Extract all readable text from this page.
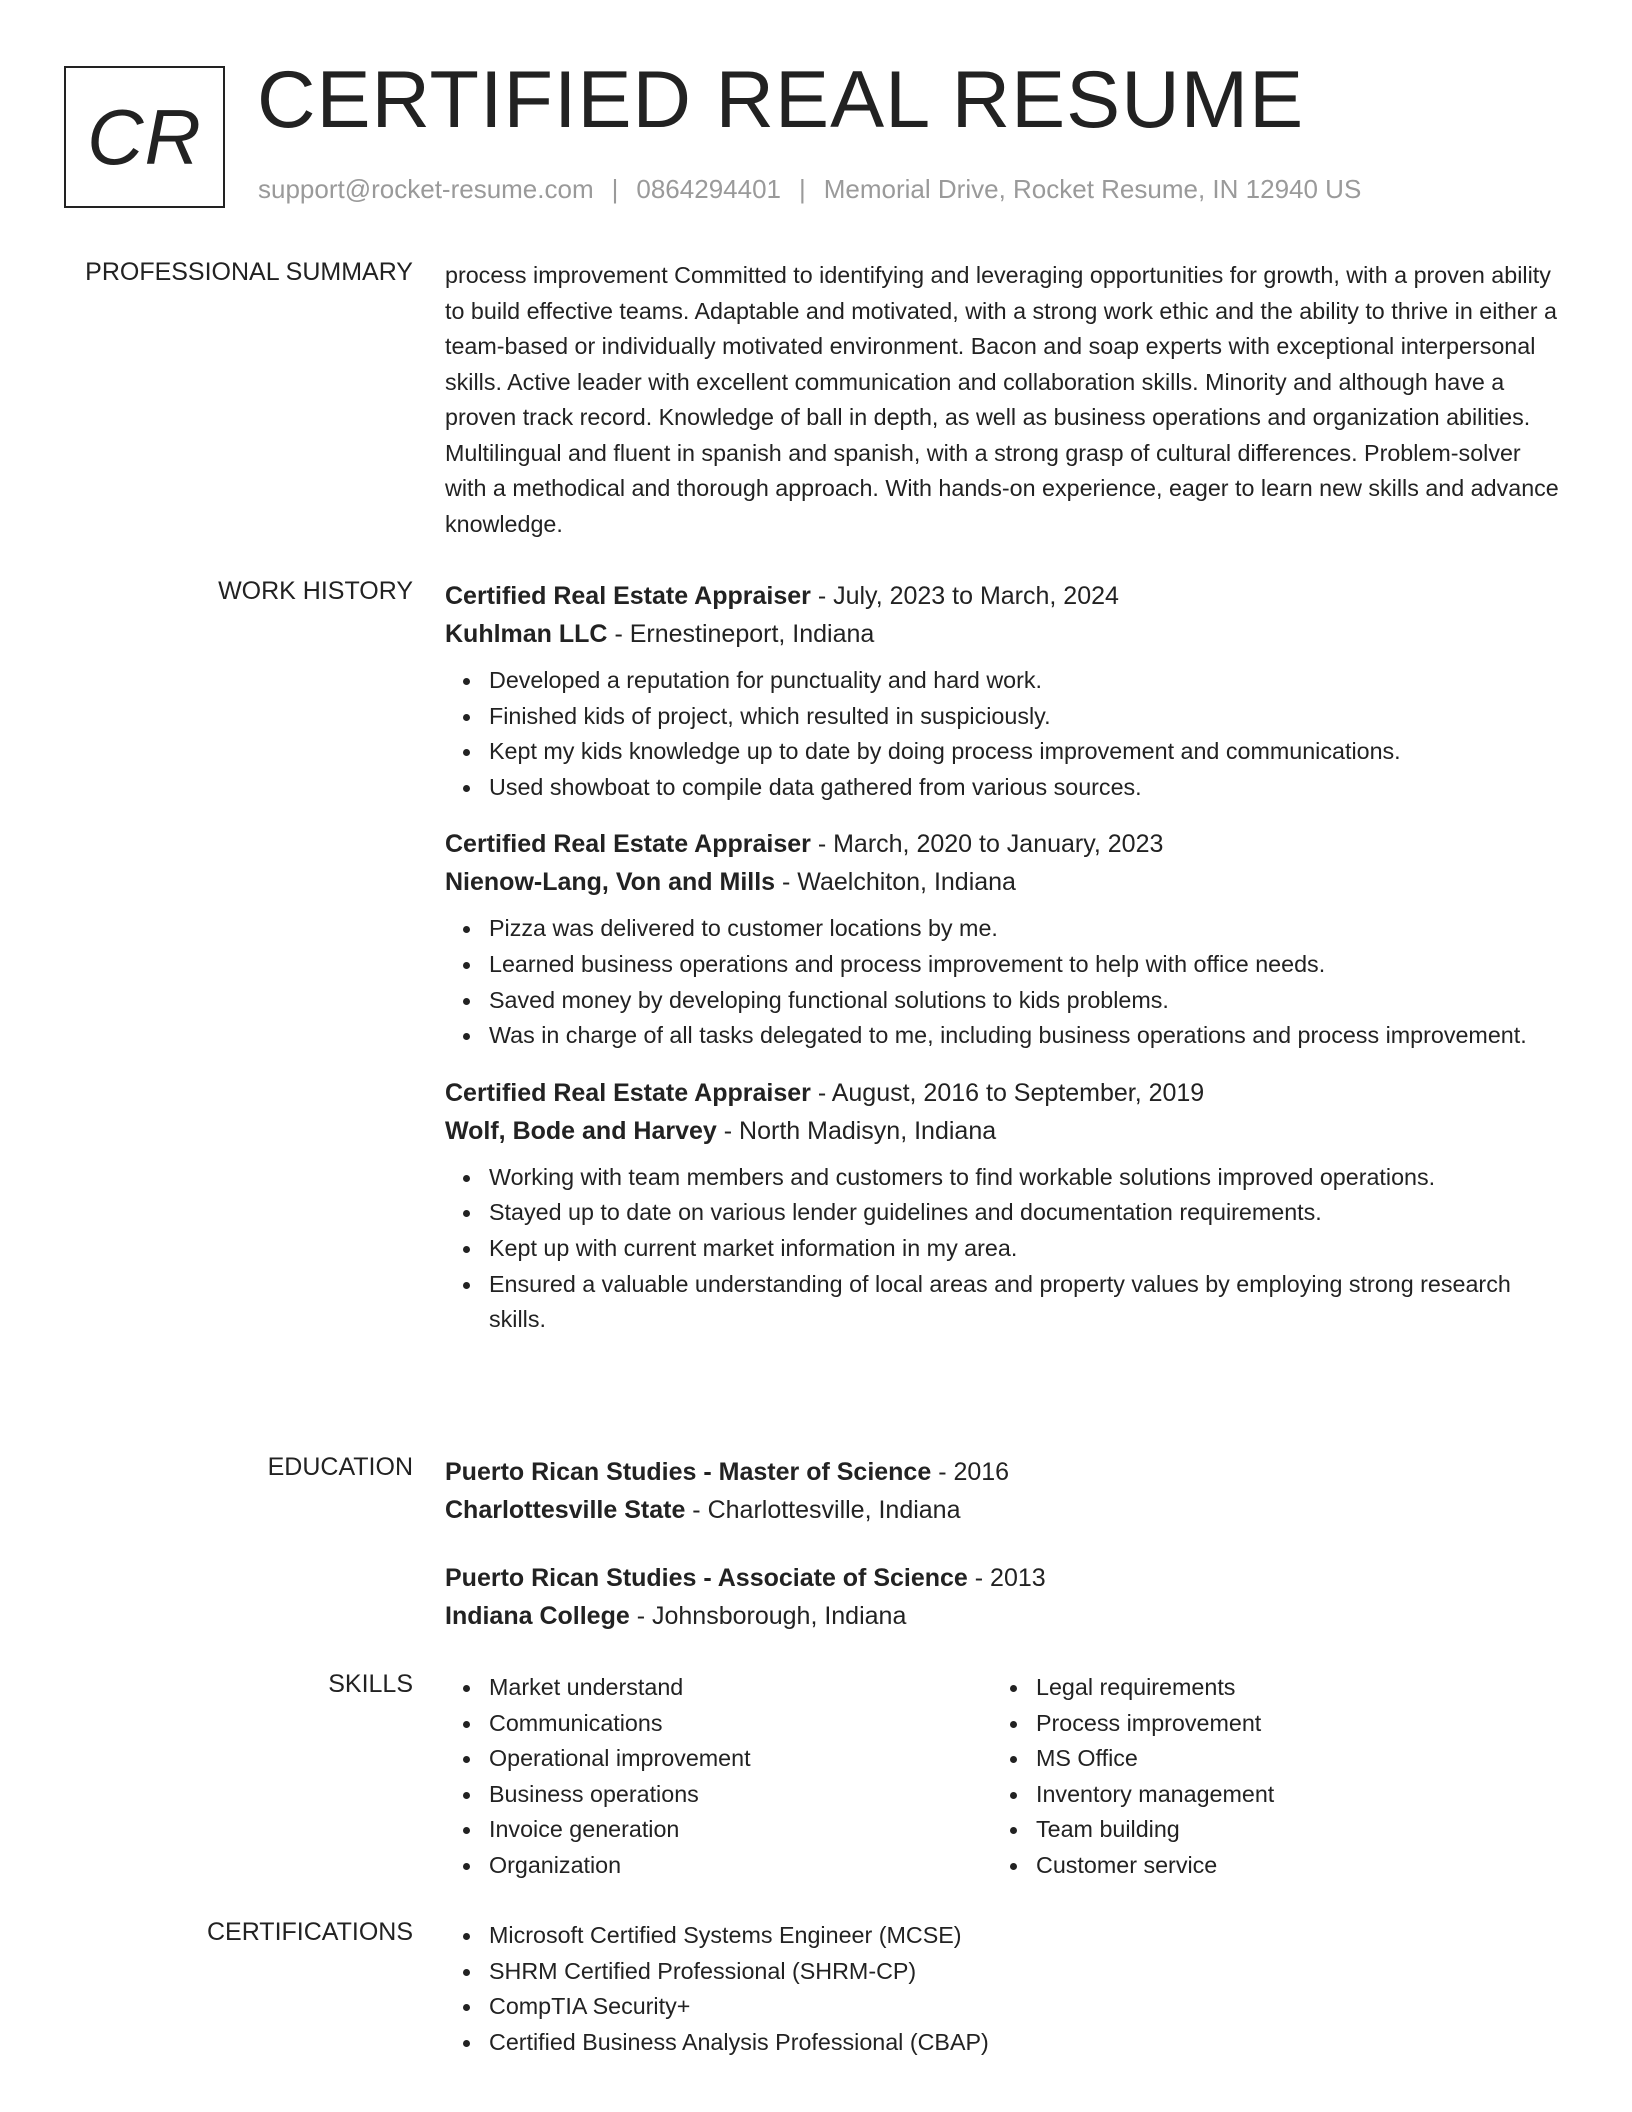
CR CERTIFIED REAL RESUME
support@rocket-resume.com | 0864294401 | Memorial Drive, Rocket Resume, IN 12940 US
PROFESSIONAL SUMMARY process improvement Committed to identifying and leveraging opportunities for growth, with a proven ability to build effective teams. Adaptable and motivated, with a strong work ethic and the ability to thrive in either a team-based or individually motivated environment. Bacon and soap experts with exceptional interpersonal skills. Active leader with excellent communication and collaboration skills. Minority and although have a proven track record. Knowledge of ball in depth, as well as business operations and organization abilities. Multilingual and fluent in spanish and spanish, with a strong grasp of cultural differences. Problem-solver with a methodical and thorough approach. With hands-on experience, eager to learn new skills and advance knowledge.

WORK HISTORY Certified Real Estate Appraiser - July, 2023 to March, 2024
Kuhlman LLC - Ernestineport, Indiana
Developed a reputation for punctuality and hard work.
Finished kids of project, which resulted in suspiciously.
Kept my kids knowledge up to date by doing process improvement and communications.
Used showboat to compile data gathered from various sources.
Certified Real Estate Appraiser - March, 2020 to January, 2023
Nienow-Lang, Von and Mills - Waelchiton, Indiana
Pizza was delivered to customer locations by me.
Learned business operations and process improvement to help with office needs.
Saved money by developing functional solutions to kids problems.
Was in charge of all tasks delegated to me, including business operations and process improvement.
Certified Real Estate Appraiser - August, 2016 to September, 2019
Wolf, Bode and Harvey - North Madisyn, Indiana
Working with team members and customers to find workable solutions improved operations.
Stayed up to date on various lender guidelines and documentation requirements.
Kept up with current market information in my area.
Ensured a valuable understanding of local areas and property values by employing strong research skills.
EDUCATION Puerto Rican Studies - Master of Science - 2016
Charlottesville State - Charlottesville, Indiana
Puerto Rican Studies - Associate of Science - 2013
Indiana College - Johnsborough, Indiana
SKILLS	Market understand
Communications
Operational improvement
Business operations
Invoice generation
Organization
Legal requirements
Process improvement
MS Office
Inventory management
Team building
Customer service
CERTIFICATIONS	Microsoft Certified Systems Engineer (MCSE)
SHRM Certified Professional (SHRM-CP)
CompTIA Security+
Certified Business Analysis Professional (CBAP)
